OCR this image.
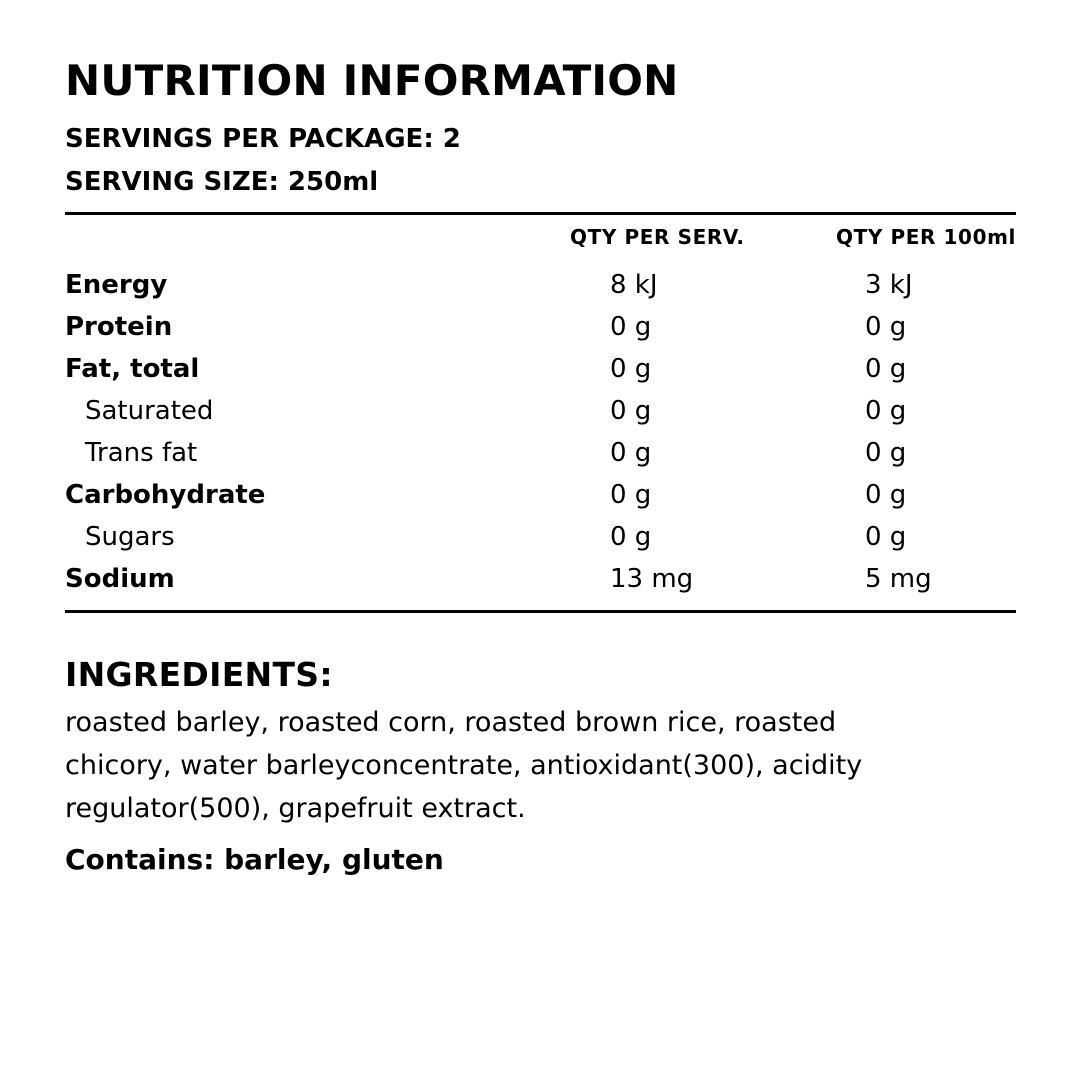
NUTRITION INFORMATION

SERVINGS PER PACKAGE: 2

SERVING SIZE: 250ml

QTY PER SERV.	QTY PER 100ml
Energy	8 kJ	3 kJ
Protein	0 g	0 g
Fat, total	0 g	0 g
Saturated	0 g	0 g
Trans fat	0 g	0 g
Carbohydrate	0 g	0 g
Sugars	0 g	0 g
Sodium	13 mg	5 mg
INGREDIENTS:

roasted barley, roasted corn, roasted brown rice, roasted
chicory, water barleyconcentrate, antioxidant(300), acidity
regulator(500), grapefruit extract.

Contains: barley, gluten
